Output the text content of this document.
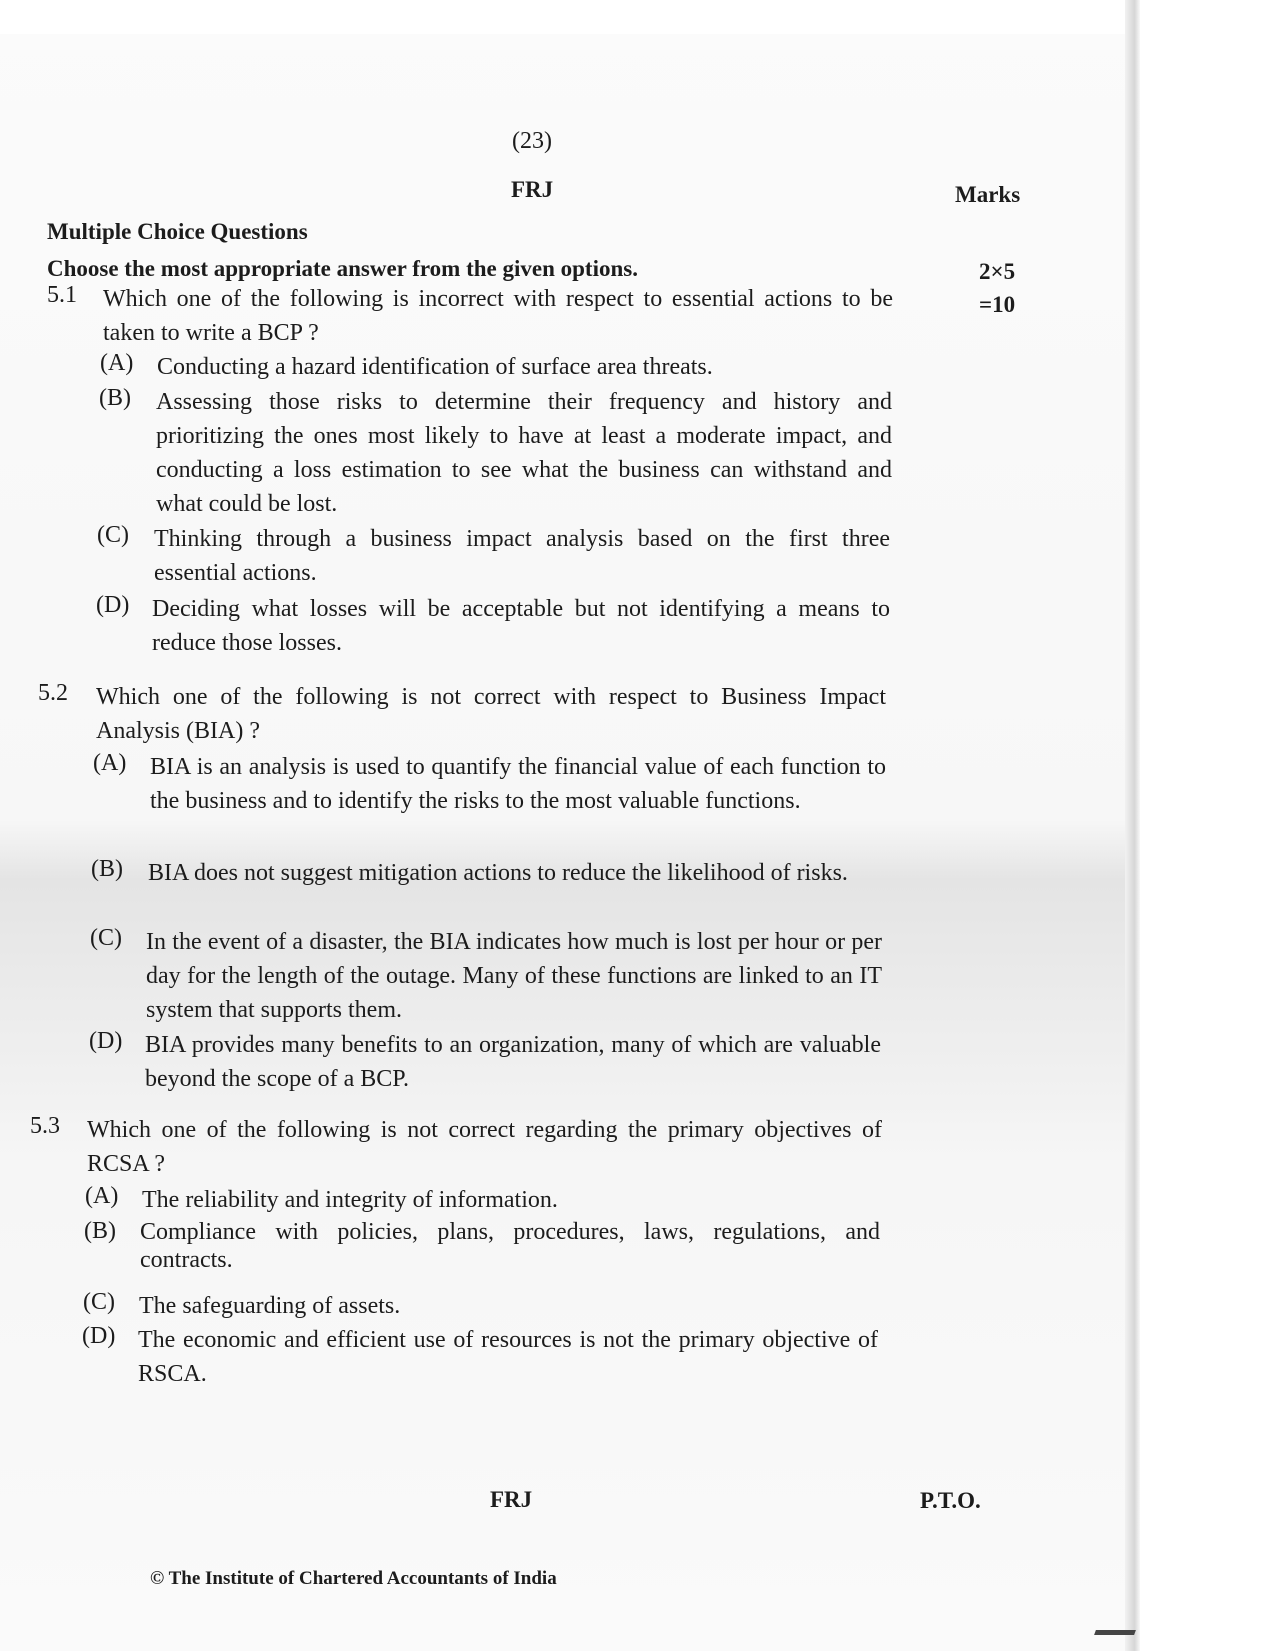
(23)
FRJ	Marks
2×5
=10
Multiple Choice Questions
Choose the most appropriate answer from the given options.
5.1 Which one of the following is incorrect with respect to essential actions to be taken to write a BCP ?
(A) Conducting a hazard identification of surface area threats.
(B) Assessing those risks to determine their frequency and history and prioritizing the ones most likely to have at least a moderate impact, and conducting a loss estimation to see what the business can withstand and what could be lost.
(C) Thinking through a business impact analysis based on the first three essential actions.
(D) Deciding what losses will be acceptable but not identifying a means to reduce those losses.
5.2 Which one of the following is not correct with respect to Business Impact Analysis (BIA) ?
(A) BIA is an analysis is used to quantify the financial value of each function to the business and to identify the risks to the most valuable functions.
(B) BIA does not suggest mitigation actions to reduce the likelihood of risks.
(C) In the event of a disaster, the BIA indicates how much is lost per hour or per day for the length of the outage. Many of these functions are linked to an IT system that supports them.
(D) BIA provides many benefits to an organization, many of which are valuable beyond the scope of a BCP.
5.3 Which one of the following is not correct regarding the primary objectives of RCSA ?
(A) The reliability and integrity of information.
(B) Compliance with policies, plans, procedures, laws, regulations, and contracts.
(C) The safeguarding of assets.
(D) The economic and efficient use of resources is not the primary objective of RSCA.
FRJ	P.T.O.
© The Institute of Chartered Accountants of India
